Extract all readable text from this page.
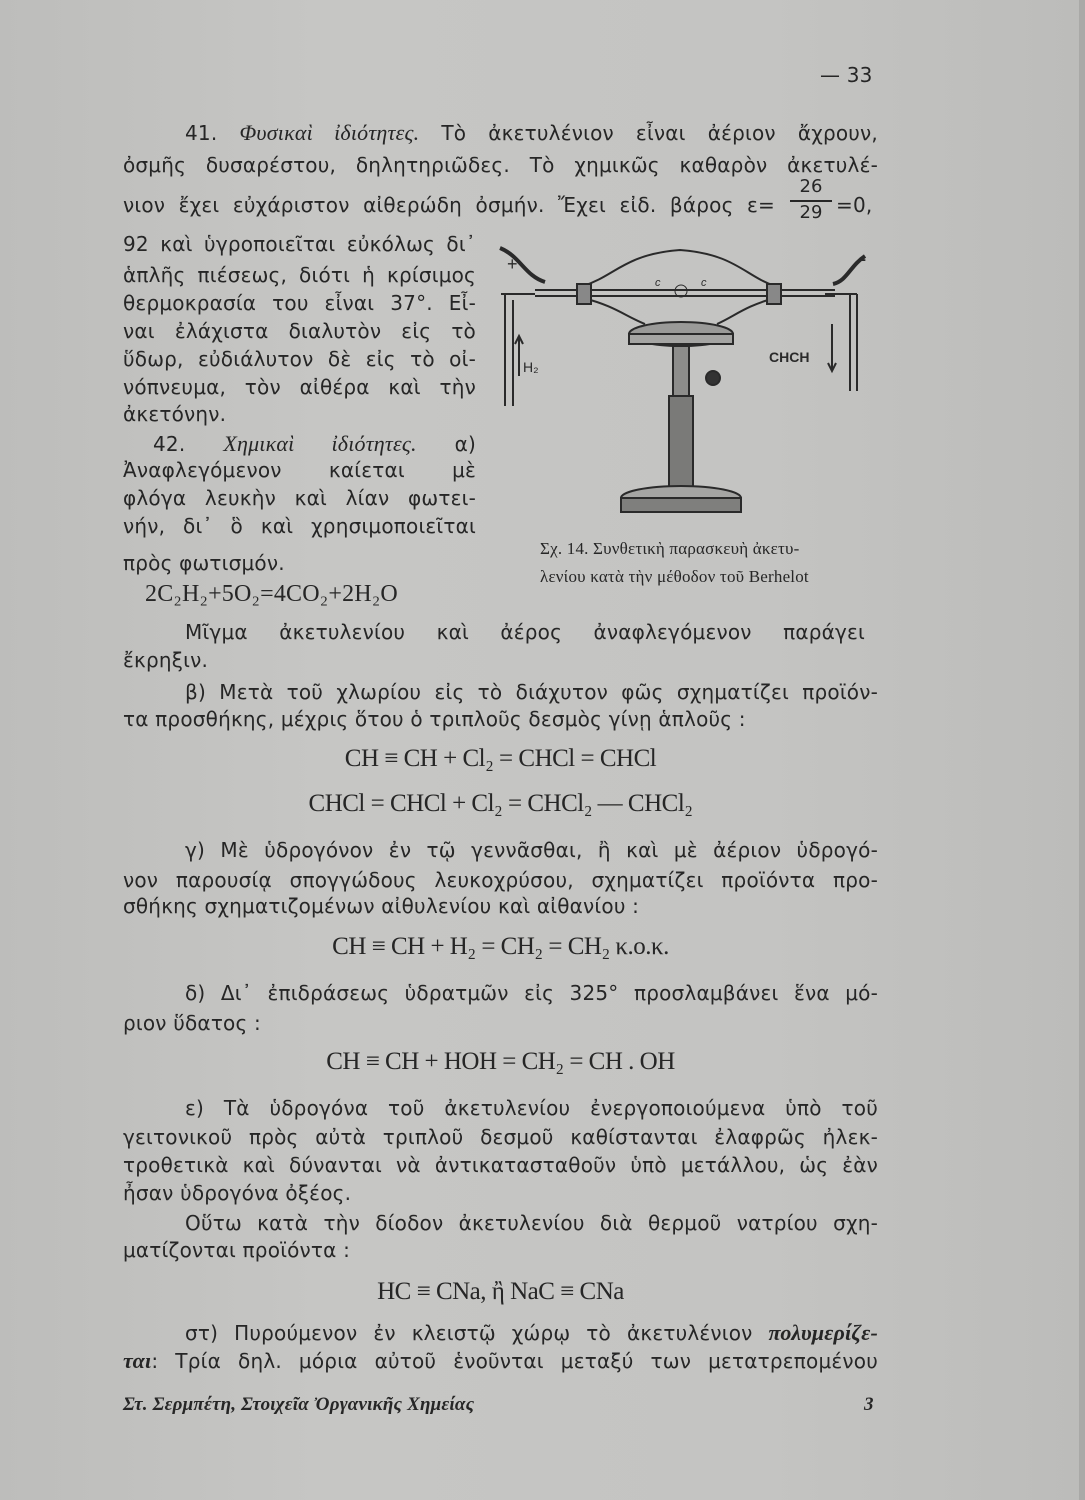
— 33
41. Φυσικαὶ ἰδιότητες. Τὸ ἀκετυλένιον εἶναι ἀέριον ἄχρουν,
ὀσμῆς δυσαρέστου, δηλητηριῶδες. Τὸ χημικῶς καθαρὸν ἀκετυλέ-
νιον ἔχει εὐχάριστον αἰθερώδη ὀσμήν. Ἔχει εἰδ. βάρος ε=
26
29 =0,
92 καὶ ὑγροποιεῖται εὐκόλως δι᾿
ἁπλῆς πιέσεως, διότι ἡ κρίσιμος
θερμοκρασία του εἶναι 37°. Εἶ-
ναι ἐλάχιστα διαλυτὸν εἰς τὸ
ὕδωρ, εὐδιάλυτον δὲ εἰς τὸ οἰ-
νόπνευμα, τὸν αἰθέρα καὶ τὴν
ἀκετόνην.
42. Χημικαὶ ἰδιότητες. α)
Ἀναφλεγόμενον καίεται μὲ
φλόγα λευκὴν καὶ λίαν φωτει-
νήν, δι᾿ ὃ καὶ χρησιμοποιεῖται
πρὸς φωτισμόν.
2C₂H₂+5O₂=4CO₂+2H₂O
+	-
H₂
CHCH
c	c
Σχ. 14. Συνθετικὴ παρασκευὴ ἀκετυ-
λενίου κατὰ τὴν μέθοδον τοῦ Berhelot
Μῖγμα ἀκετυλενίου καὶ ἀέρος ἀναφλεγόμενον παράγει
ἔκρηξιν.
β) Μετὰ τοῦ χλωρίου εἰς τὸ διάχυτον φῶς σχηματίζει προϊόν-
τα προσθήκης, μέχρις ὅτου ὁ τριπλοῦς δεσμὸς γίνῃ ἁπλοῦς :
CH ≡ CH + Cl₂ = CHCl = CHCl
CHCl = CHCl + Cl₂ = CHCl₂ — CHCl₂
γ) Μὲ ὑδρογόνον ἐν τῷ γεννᾶσθαι, ἢ καὶ μὲ ἀέριον ὑδρογό-
νον παρουσίᾳ σπογγώδους λευκοχρύσου, σχηματίζει προϊόντα προ-
σθήκης σχηματιζομένων αἰθυλενίου καὶ αἰθανίου :
CH ≡ CH + H₂ = CH₂ = CH₂ κ.ο.κ.
δ) Δι᾿ ἐπιδράσεως ὑδρατμῶν εἰς 325° προσλαμβάνει ἕνα μό-
ριον ὕδατος :
CH ≡ CH + HOH = CH₂ = CH . OH
ε) Τὰ ὑδρογόνα τοῦ ἀκετυλενίου ἐνεργοποιούμενα ὑπὸ τοῦ
γειτονικοῦ πρὸς αὐτὰ τριπλοῦ δεσμοῦ καθίστανται ἐλαφρῶς ἠλεκ-
τροθετικὰ καὶ δύνανται νὰ ἀντικατασταθοῦν ὑπὸ μετάλλου, ὡς ἐὰν
ἦσαν ὑδρογόνα ὀξέος.
Οὕτω κατὰ τὴν δίοδον ἀκετυλενίου διὰ θερμοῦ νατρίου σχη-
ματίζονται προϊόντα :
HC ≡ CNa, ἢ NaC ≡ CNa
στ) Πυρούμενον ἐν κλειστῷ χώρῳ τὸ ἀκετυλένιον πολυμερίζε-
ται: Τρία δηλ. μόρια αὐτοῦ ἑνοῦνται μεταξύ των μετατρεπομένου
Στ. Σερμπέτη, Στοιχεῖα Ὀργανικῆς Χημείας	3
